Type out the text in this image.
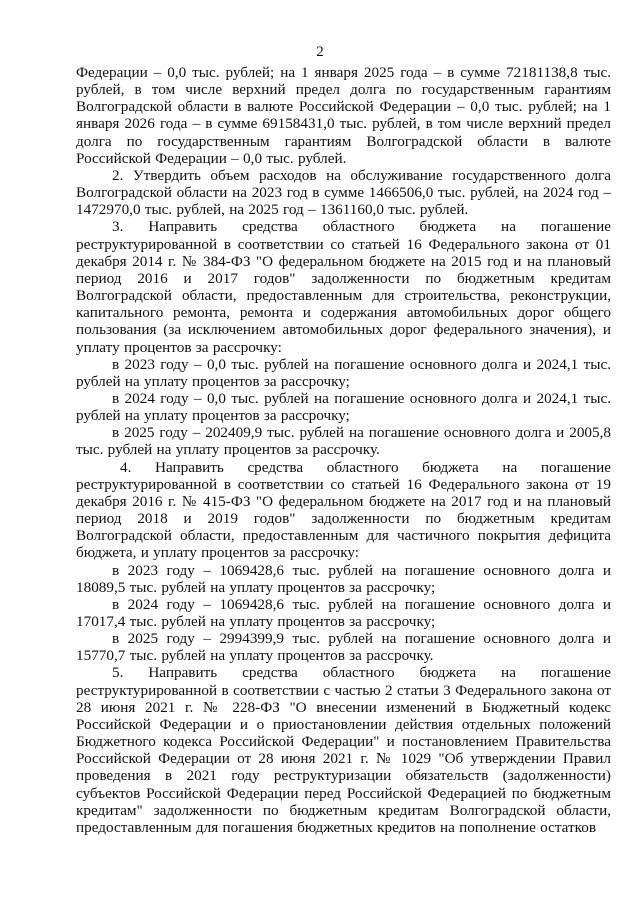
2

Федерации – 0,0 тыс. рублей; на 1 января 2025 года – в сумме 72181138,8 тыс. рублей, в том числе верхний предел долга по государственным гарантиям Волгоградской области в валюте Российской Федерации – 0,0 тыс. рублей; на 1 января 2026 года – в сумме 69158431,0 тыс. рублей, в том числе верхний предел долга по государственным гарантиям Волгоградской области в валюте Российской Федерации – 0,0 тыс. рублей.

2. Утвердить объем расходов на обслуживание государственного долга Волгоградской области на 2023 год в сумме 1466506,0 тыс. рублей, на 2024 год – 1472970,0 тыс. рублей, на 2025 год – 1361160,0 тыс. рублей.

3. Направить средства областного бюджета на погашение реструктурированной в соответствии со статьей 16 Федерального закона от 01 декабря 2014 г. № 384-ФЗ "О федеральном бюджете на 2015 год и на плановый период 2016 и 2017 годов" задолженности по бюджетным кредитам Волгоградской области, предоставленным для строительства, реконструкции, капитального ремонта, ремонта и содержания автомобильных дорог общего пользования (за исключением автомобильных дорог федерального значения), и уплату процентов за рассрочку:

в 2023 году – 0,0 тыс. рублей на погашение основного долга и 2024,1 тыс. рублей на уплату процентов за рассрочку;

в 2024 году – 0,0 тыс. рублей на погашение основного долга и 2024,1 тыс. рублей на уплату процентов за рассрочку;

в 2025 году – 202409,9 тыс. рублей на погашение основного долга и 2005,8 тыс. рублей на уплату процентов за рассрочку.

4. Направить средства областного бюджета на погашение реструктурированной в соответствии со статьей 16 Федерального закона от 19 декабря 2016 г. № 415-ФЗ "О федеральном бюджете на 2017 год и на плановый период 2018 и 2019 годов" задолженности по бюджетным кредитам Волгоградской области, предоставленным для частичного покрытия дефицита бюджета, и уплату процентов за рассрочку:

в 2023 году – 1069428,6 тыс. рублей на погашение основного долга и 18089,5 тыс. рублей на уплату процентов за рассрочку;

в 2024 году – 1069428,6 тыс. рублей на погашение основного долга и 17017,4 тыс. рублей на уплату процентов за рассрочку;

в 2025 году – 2994399,9 тыс. рублей на погашение основного долга и 15770,7 тыс. рублей на уплату процентов за рассрочку.

5. Направить средства областного бюджета на погашение реструктурированной в соответствии с частью 2 статьи 3 Федерального закона от 28 июня 2021 г. № 228-ФЗ "О внесении изменений в Бюджетный кодекс Российской Федерации и о приостановлении действия отдельных положений Бюджетного кодекса Российской Федерации" и постановлением Правительства Российской Федерации от 28 июня 2021 г. № 1029 "Об утверждении Правил проведения в 2021 году реструктуризации обязательств (задолженности) субъектов Российской Федерации перед Российской Федерацией по бюджетным кредитам" задолженности по бюджетным кредитам Волгоградской области, предоставленным для погашения бюджетных кредитов на пополнение остатков
